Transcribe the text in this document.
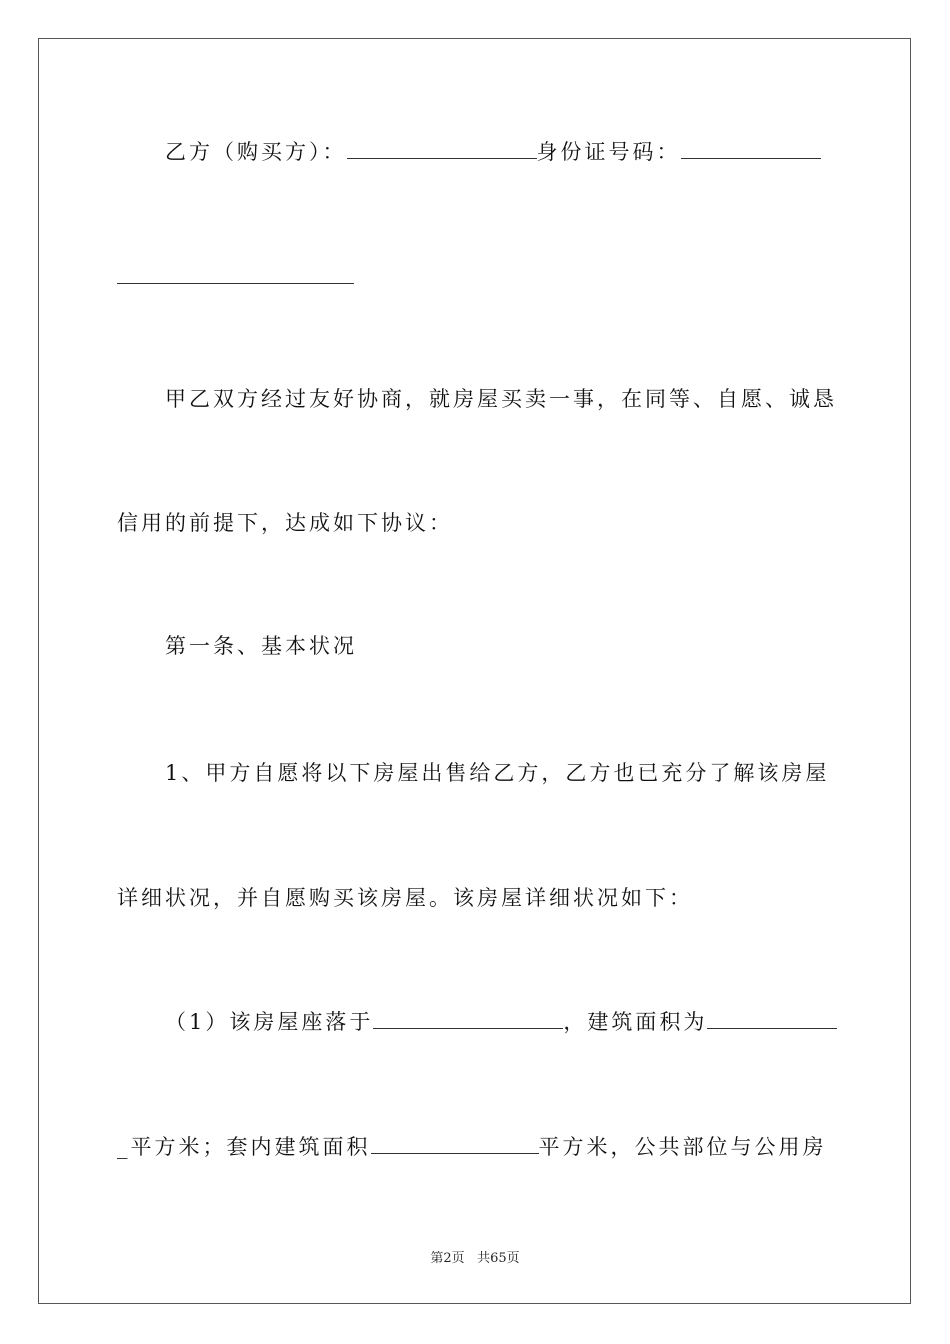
乙方（购买方）：	身份证号码：
甲乙双方经过友好协商，就房屋买卖一事，在同等、自愿、诚恳
信用的前提下，达成如下协议：
第一条、基本状况
1、甲方自愿将以下房屋出售给乙方，乙方也已充分了解该房屋
详细状况，并自愿购买该房屋。该房屋详细状况如下：
（1）该房屋座落于	，建筑面积为
_平方米；套内建筑面积	平方米，公共部位与公用房
第2页 共65页
